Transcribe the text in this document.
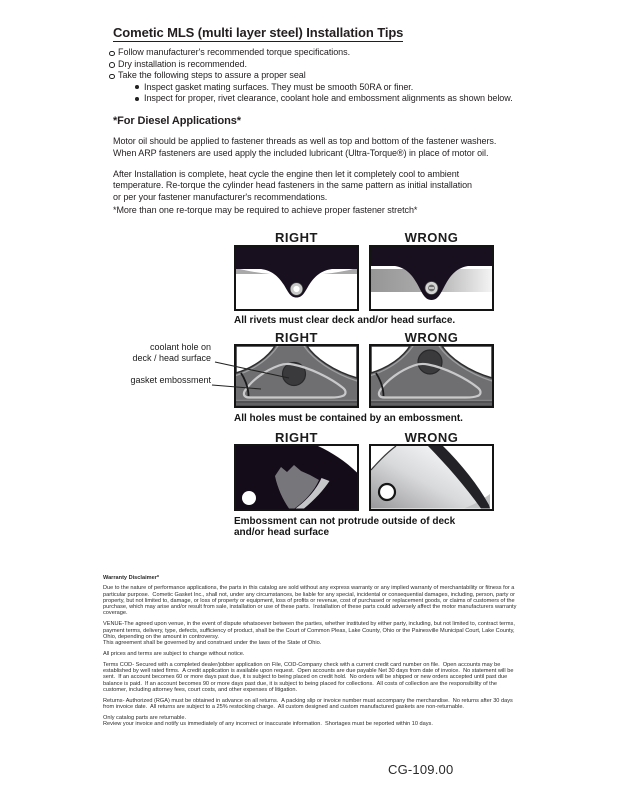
Cometic MLS (multi layer steel) Installation Tips
Follow manufacturer's recommended torque specifications.
Dry installation is recommended.
Take the following steps to assure a proper seal
Inspect gasket mating surfaces. They must be smooth 50RA or finer.
Inspect for proper, rivet clearance, coolant hole and embossment alignments as shown below.
*For Diesel Applications*
Motor oil should be applied to fastener threads as well as top and bottom of the fastener washers.
When ARP fasteners are used apply the included lubricant (Ultra-Torque®) in place of motor oil.
After Installation is complete, heat cycle the engine then let it completely cool to ambient
temperature. Re-torque the cylinder head fasteners in the same pattern as initial installation
or per your fastener manufacturer's recommendations.
*More than one re-torque may be required to achieve proper fastener stretch*
RIGHT	WRONG
All rivets must clear deck and/or head surface.
RIGHT	WRONG
coolant hole on
deck / head surface
gasket embossment
All holes must be contained by an embossment.
RIGHT	WRONG
Embossment can not protrude outside of deck
and/or head surface

Warranty Disclaimer*

Due to the nature of performance applications, the parts in this catalog are sold without any express warranty or any implied warranty of merchantability or fitness for a particular purpose.  Cometic Gasket Inc., shall not, under any circumstances, be liable for any special, incidental or consequential damages, including, person, party or property, but not limited to, damage, or loss of property or equipment, loss of profits or revenue, cost of purchased or replacement goods, or claims of customers of the purchase, which may arise and/or result from sale, installation or use of these parts.  Installation of these parts could adversely affect the motor manufacturers warranty coverage.

VENUE-The agreed upon venue, in the event of dispute whatsoever between the parties, whether instituted by either party, including, but not limited to, contract terms, payment terms, delivery, type, defects, sufficiency of product, shall be the Court of Common Pleas, Lake County, Ohio or the Painesville Municipal Court, Lake County, Ohio, depending on the amount in controversy.
This agreement shall be governed by and construed under the laws of the State of Ohio.

All prices and terms are subject to change without notice.

Terms COD- Secured with a completed dealer/jobber application on File, COD-Company check with a current credit card number on file.  Open accounts may be established by well rated firms.  A credit application is available upon request.  Open accounts are due payable Net 30 days from date of invoice.  No statement will be sent.  If an account becomes 60 or more days past due, it is subject to being placed on credit hold.  No orders will be shipped or new orders accepted until past due balance is paid.  If an account becomes 90 or more days past due, it is subject to being placed for collections.  All costs of collection are the responsibility of the customer, including attorney fees, court costs, and other expenses of litigation.

Returns- Authorized (RGA) must be obtained in advance on all returns.  A packing slip or invoice number must accompany the merchandise.  No returns after 30 days from invoice date.  All returns are subject to a 25% restocking charge.  All custom designed and custom manufactured gaskets are non-returnable.

Only catalog parts are returnable.
Review your invoice and notify us immediately of any incorrect or inaccurate information.  Shortages must be reported within 10 days.

CG-109.00
